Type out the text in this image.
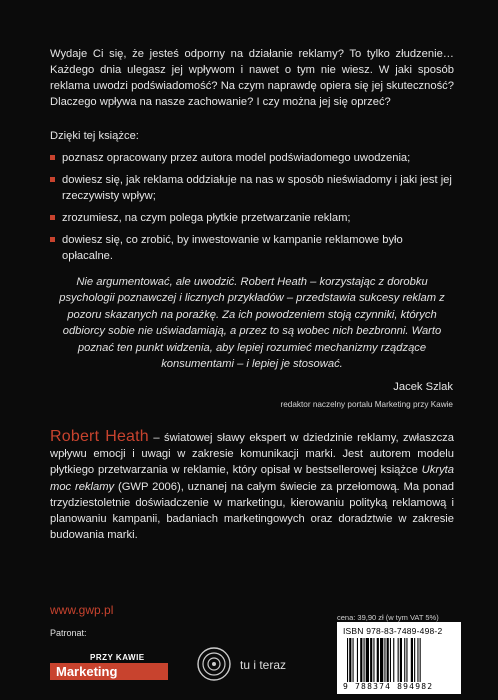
Wydaje Ci się, że jesteś odporny na działanie reklamy? To tylko złudzenie… Każdego dnia ulegasz jej wpływom i nawet o tym nie wiesz. W jaki sposób reklama uwodzi podświadomość? Na czym naprawdę opiera się jej skuteczność? Dlaczego wpływa na nasze zachowanie? I czy można jej się oprzeć?

Dzięki tej książce:

poznasz opracowany przez autora model podświadomego uwodzenia;
dowiesz się, jak reklama oddziałuje na nas w sposób nieświadomy i jaki jest jej rzeczywisty wpływ;
zrozumiesz, na czym polega płytkie przetwarzanie reklam;
dowiesz się, co zrobić, by inwestowanie w kampanie reklamowe było opłacalne.

Nie argumentować, ale uwodzić. Robert Heath – korzystając z dorobku psychologii poznawczej i licznych przykładów – przedstawia sukcesy reklam z pozoru skazanych na porażkę. Za ich powodzeniem stoją czynniki, których odbiorcy sobie nie uświadamiają, a przez to są wobec nich bezbronni. Warto poznać ten punkt widzenia, aby lepiej rozumieć mechanizmy rządzące konsumentami – i lepiej je stosować.

Jacek Szlak
redaktor naczelny portalu Marketing przy Kawie

Robert Heath – światowej sławy ekspert w dziedzinie reklamy, zwłaszcza wpływu emocji i uwagi w zakresie komunikacji marki. Jest autorem modelu płytkiego przetwarzania w reklamie, który opisał w bestsellerowej książce Ukryta moc reklamy (GWP 2006), uznanej na całym świecie za przełomową. Ma ponad trzydziestoletnie doświadczenie w marketingu, kierowaniu polityką reklamową i planowaniu kampanii, badaniach marketingowych oraz doradztwie w zakresie budowania marki.

www.gwp.pl
Patronat:
PRZY KAWIE
Marketing	tu i teraz
cena: 39,90 zł (w tym VAT 5%)
ISBN 978-83-7489-498-2
9 788374 894982
